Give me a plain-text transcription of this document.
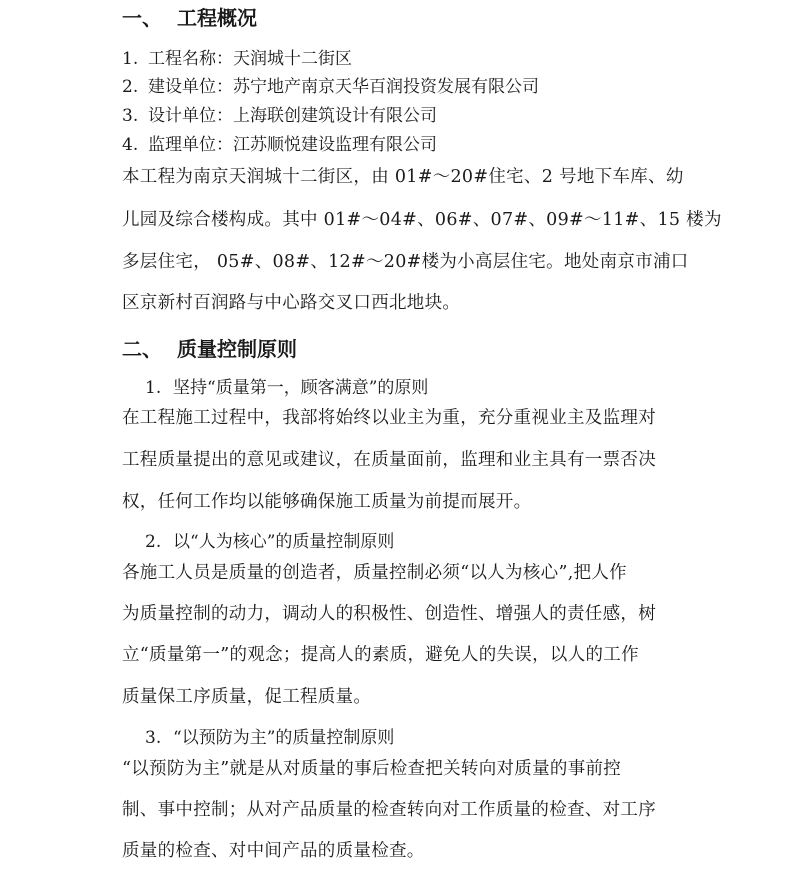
一、 工程概况
1. 工程名称：天润城十二街区
2. 建设单位：苏宁地产南京天华百润投资发展有限公司
3. 设计单位：上海联创建筑设计有限公司
4. 监理单位：江苏顺悦建设监理有限公司
本工程为南京天润城十二街区，由 01#～20#住宅、2 号地下车库、幼
儿园及综合楼构成。其中 01#～04#、06#、07#、09#～11#、15 楼为
多层住宅， 05#、08#、12#～20#楼为小高层住宅。地处南京市浦口
区京新村百润路与中心路交叉口西北地块。
二、 质量控制原则
1. 坚持“质量第一，顾客满意”的原则
在工程施工过程中，我部将始终以业主为重，充分重视业主及监理对
工程质量提出的意见或建议，在质量面前，监理和业主具有一票否决
权，任何工作均以能够确保施工质量为前提而展开。
2. 以“人为核心”的质量控制原则
各施工人员是质量的创造者，质量控制必须“以人为核心”,把人作
为质量控制的动力，调动人的积极性、创造性、增强人的责任感，树
立“质量第一”的观念；提高人的素质，避免人的失误，以人的工作
质量保工序质量，促工程质量。
3. “以预防为主”的质量控制原则
“以预防为主”就是从对质量的事后检查把关转向对质量的事前控
制、事中控制；从对产品质量的检查转向对工作质量的检查、对工序
质量的检查、对中间产品的质量检查。
